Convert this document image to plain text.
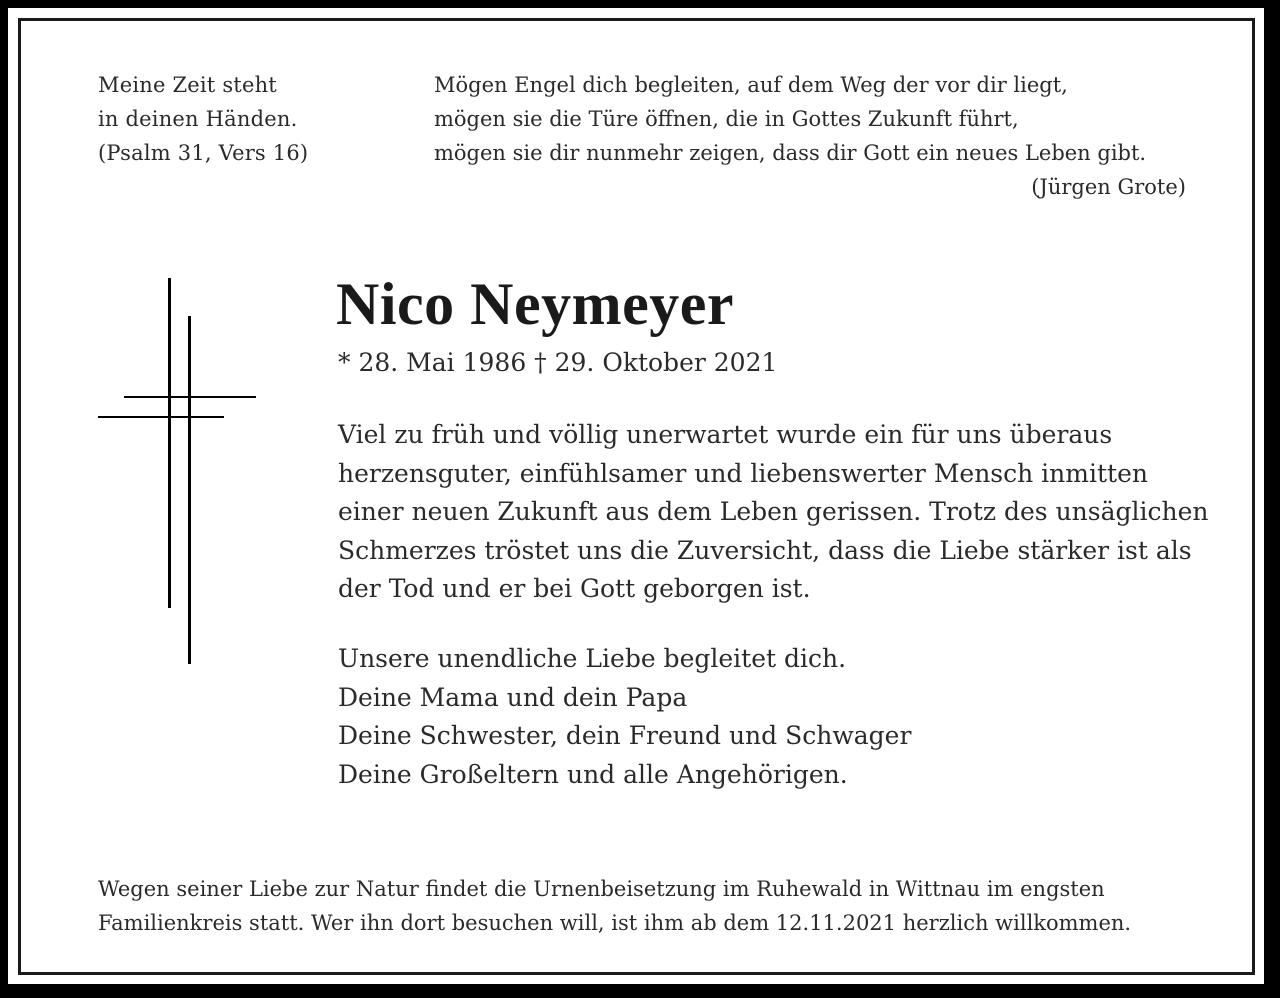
Meine Zeit steht
in deinen Händen.
(Psalm 31, Vers 16)
Mögen Engel dich begleiten, auf dem Weg der vor dir liegt,
mögen sie die Türe öffnen, die in Gottes Zukunft führt,
mögen sie dir nunmehr zeigen, dass dir Gott ein neues Leben gibt.
(Jürgen Grote)
Nico Neymeyer
* 28. Mai 1986 † 29. Oktober 2021
Viel zu früh und völlig unerwartet wurde ein für uns überaus
herzensguter, einfühlsamer und liebenswerter Mensch inmitten
einer neuen Zukunft aus dem Leben gerissen. Trotz des unsäglichen
Schmerzes tröstet uns die Zuversicht, dass die Liebe stärker ist als
der Tod und er bei Gott geborgen ist.
Unsere unendliche Liebe begleitet dich.
Deine Mama und dein Papa
Deine Schwester, dein Freund und Schwager
Deine Großeltern und alle Angehörigen.
Wegen seiner Liebe zur Natur findet die Urnenbeisetzung im Ruhewald in Wittnau im engsten
Familienkreis statt. Wer ihn dort besuchen will, ist ihm ab dem 12.11.2021 herzlich willkommen.
